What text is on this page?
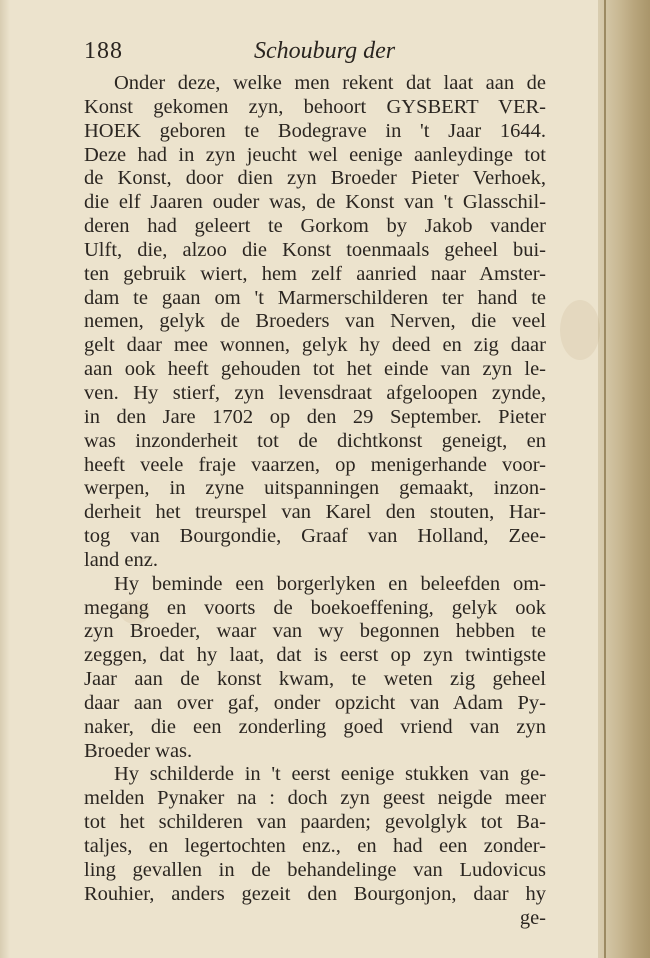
188	Schouburg der
Onder deze, welke men rekent dat laat aan de
Konst gekomen zyn, behoort GYSBERT VER-
HOEK geboren te Bodegrave in 't Jaar 1644.
Deze had in zyn jeucht wel eenige aanleydinge tot
de Konst, door dien zyn Broeder Pieter Verhoek,
die elf Jaaren ouder was, de Konst van 't Glasschil-
deren had geleert te Gorkom by Jakob vander
Ulft, die, alzoo die Konst toenmaals geheel bui-
ten gebruik wiert, hem zelf aanried naar Amster-
dam te gaan om 't Marmerschilderen ter hand te
nemen, gelyk de Broeders van Nerven, die veel
gelt daar mee wonnen, gelyk hy deed en zig daar
aan ook heeft gehouden tot het einde van zyn le-
ven. Hy stierf, zyn levensdraat afgeloopen zynde,
in den Jare 1702 op den 29 September. Pieter
was inzonderheit tot de dichtkonst geneigt, en
heeft veele fraje vaarzen, op menigerhande voor-
werpen, in zyne uitspanningen gemaakt, inzon-
derheit het treurspel van Karel den stouten, Har-
tog van Bourgondie, Graaf van Holland, Zee-
land enz.
Hy beminde een borgerlyken en beleefden om-
megang en voorts de boekoeffening, gelyk ook
zyn Broeder, waar van wy begonnen hebben te
zeggen, dat hy laat, dat is eerst op zyn twintigste
Jaar aan de konst kwam, te weten zig geheel
daar aan over gaf, onder opzicht van Adam Py-
naker, die een zonderling goed vriend van zyn
Broeder was.
Hy schilderde in 't eerst eenige stukken van ge-
melden Pynaker na : doch zyn geest neigde meer
tot het schilderen van paarden; gevolglyk tot Ba-
taljes, en legertochten enz., en had een zonder-
ling gevallen in de behandelinge van Ludovicus
Rouhier, anders gezeit den Bourgonjon, daar hy
ge-
